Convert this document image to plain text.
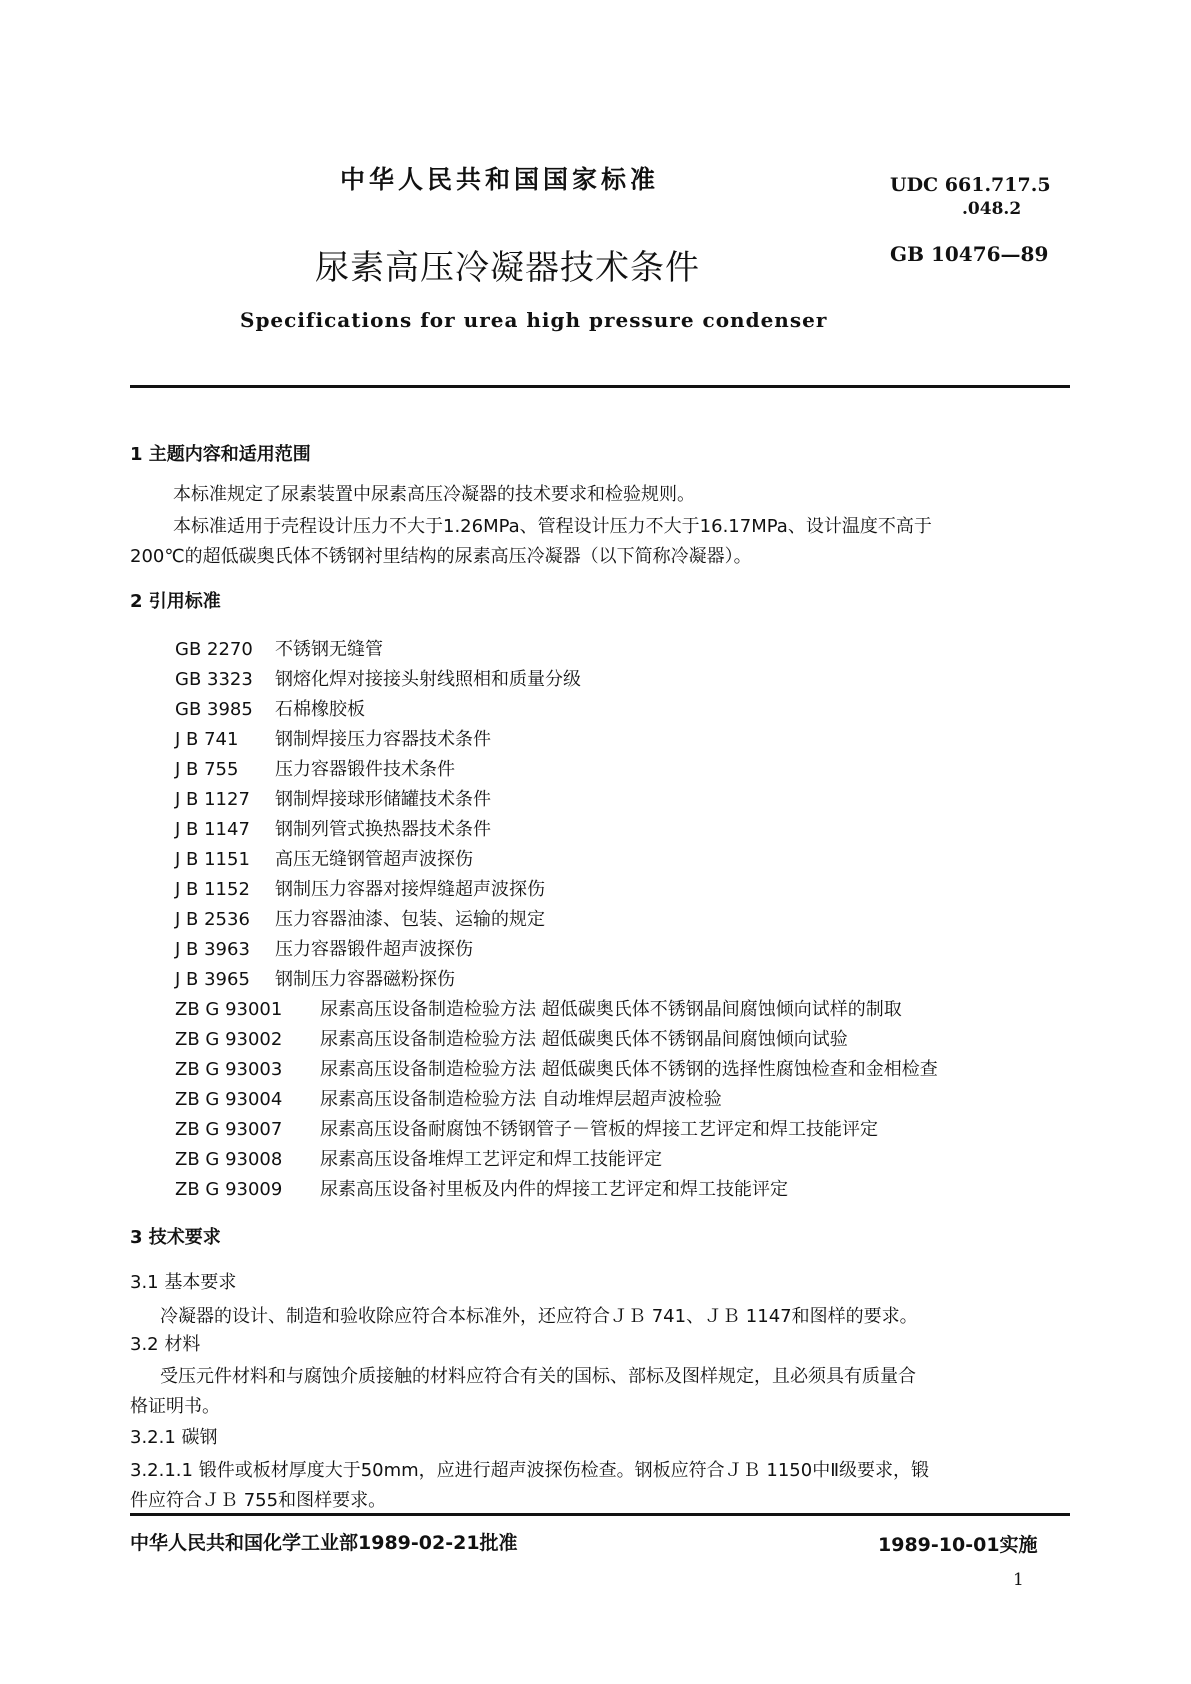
中华人民共和国国家标准	UDC 661.717.5
.048.2
GB 10476—89
尿素高压冷凝器技术条件
Specifications for urea high pressure condenser
1 主题内容和适用范围
本标准规定了尿素装置中尿素高压冷凝器的技术要求和检验规则。
本标准适用于壳程设计压力不大于1.26MPa、管程设计压力不大于16.17MPa、设计温度不高于
200℃的超低碳奥氏体不锈钢衬里结构的尿素高压冷凝器（以下简称冷凝器）。
2 引用标准
GB 2270 不锈钢无缝管
GB 3323 钢熔化焊对接接头射线照相和质量分级
GB 3985 石棉橡胶板
J B 741 钢制焊接压力容器技术条件
J B 755 压力容器锻件技术条件
J B 1127 钢制焊接球形储罐技术条件
J B 1147 钢制列管式换热器技术条件
J B 1151 高压无缝钢管超声波探伤
J B 1152 钢制压力容器对接焊缝超声波探伤
J B 2536 压力容器油漆、包装、运输的规定
J B 3963 压力容器锻件超声波探伤
J B 3965 钢制压力容器磁粉探伤
ZB G 93001 尿素高压设备制造检验方法 超低碳奥氏体不锈钢晶间腐蚀倾向试样的制取
ZB G 93002 尿素高压设备制造检验方法 超低碳奥氏体不锈钢晶间腐蚀倾向试验
ZB G 93003 尿素高压设备制造检验方法 超低碳奥氏体不锈钢的选择性腐蚀检查和金相检查
ZB G 93004 尿素高压设备制造检验方法 自动堆焊层超声波检验
ZB G 93007 尿素高压设备耐腐蚀不锈钢管子－管板的焊接工艺评定和焊工技能评定
ZB G 93008 尿素高压设备堆焊工艺评定和焊工技能评定
ZB G 93009 尿素高压设备衬里板及内件的焊接工艺评定和焊工技能评定
3 技术要求
3.1 基本要求
冷凝器的设计、制造和验收除应符合本标准外，还应符合ＪＢ 741、ＪＢ 1147和图样的要求。
3.2 材料
受压元件材料和与腐蚀介质接触的材料应符合有关的国标、部标及图样规定，且必须具有质量合
格证明书。
3.2.1 碳钢
3.2.1.1 锻件或板材厚度大于50mm，应进行超声波探伤检查。钢板应符合ＪＢ 1150中Ⅱ级要求，锻
件应符合ＪＢ 755和图样要求。
中华人民共和国化学工业部1989-02-21批准	1989-10-01实施
1
